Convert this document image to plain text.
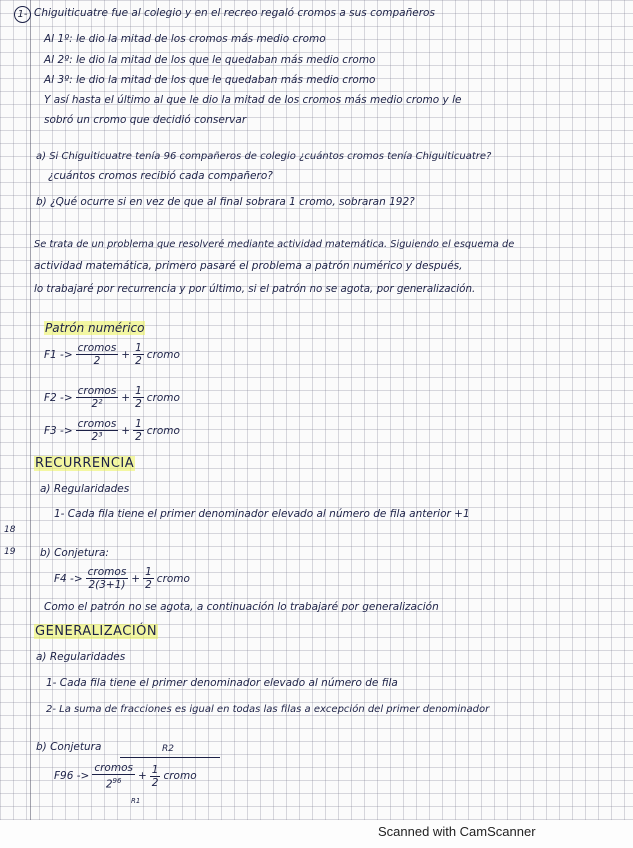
1- Chiguiticuatre fue al colegio y en el recreo regaló cromos a sus compañeros
Al 1º: le dio la mitad de los cromos más medio cromo
Al 2º: le dio la mitad de los que le quedaban más medio cromo
Al 3º: le dio la mitad de los que le quedaban más medio cromo
Y así hasta el último al que le dio la mitad de los cromos más medio cromo y le
sobró un cromo que decidió conservar
a) Si Chiguiticuatre tenía 96 compañeros de colegio ¿cuántos cromos tenía Chiguiticuatre?
¿cuántos cromos recibió cada compañero?
b) ¿Qué ocurre si en vez de que al final sobrara 1 cromo, sobraran 192?
Se trata de un problema que resolveré mediante actividad matemática. Siguiendo el esquema de
actividad matemática, primero pasaré el problema a patrón numérico y después,
lo trabajaré por recurrencia y por último, si el patrón no se agota, por generalización.
Patrón numérico
F1 ->
cromos
2
+ $\frac{1}{2}$ cromo
F2 ->
cromos
2²
+ $\frac{1}{2}$ cromo
F3 ->
cromos
2³
+ $\frac{1}{2}$ cromo
RECURRENCIA
a) Regularidades
1- Cada fila tiene el primer denominador elevado al número de fila anterior +1
18
19 b) Conjetura:
F4 ->
cromos
2(3+1)
+ $\frac{1}{2}$ cromo
Como el patrón no se agota, a continuación lo trabajaré por generalización
GENERALIZACIÓN
a) Regularidades
1- Cada fila tiene el primer denominador elevado al número de fila
2- La suma de fracciones es igual en todas las filas a excepción del primer denominador
b) Conjetura	R2
F96 ->
cromos
$2^{96} + \frac{1}{2}$ cromo
R1
Scanned with CamScanner
